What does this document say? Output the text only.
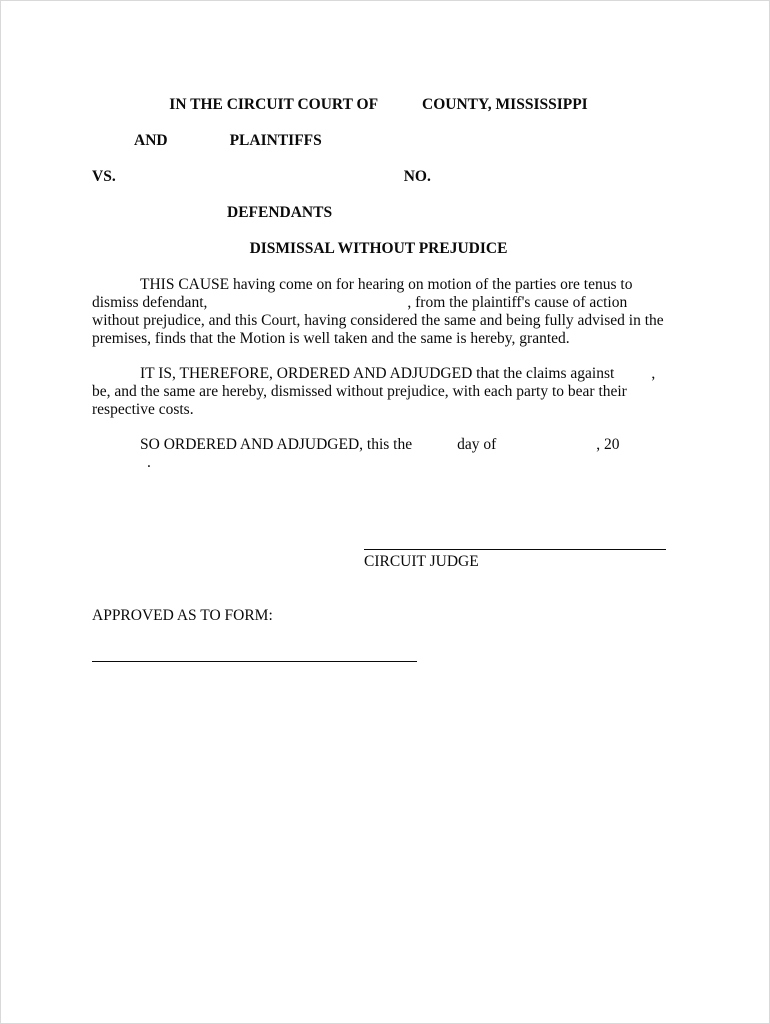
IN THE CIRCUIT COURT OF	COUNTY, MISSISSIPPI
AND	PLAINTIFFS
VS.	NO.
DEFENDANTS
DISMISSAL WITHOUT PREJUDICE

THIS CAUSE having come on for hearing on motion of the parties ore tenus to dismiss defendant,	, from the plaintiff's cause of action without prejudice, and this Court, having considered the same and being fully advised in the premises, finds that the Motion is well taken and the same is hereby, granted.

IT IS, THEREFORE, ORDERED AND ADJUDGED that the claims against , be, and the same are hereby, dismissed without prejudice, with each party to bear their respective costs.

SO ORDERED AND ADJUDGED, this the	day of	, 20.

CIRCUIT JUDGE
APPROVED AS TO FORM:
